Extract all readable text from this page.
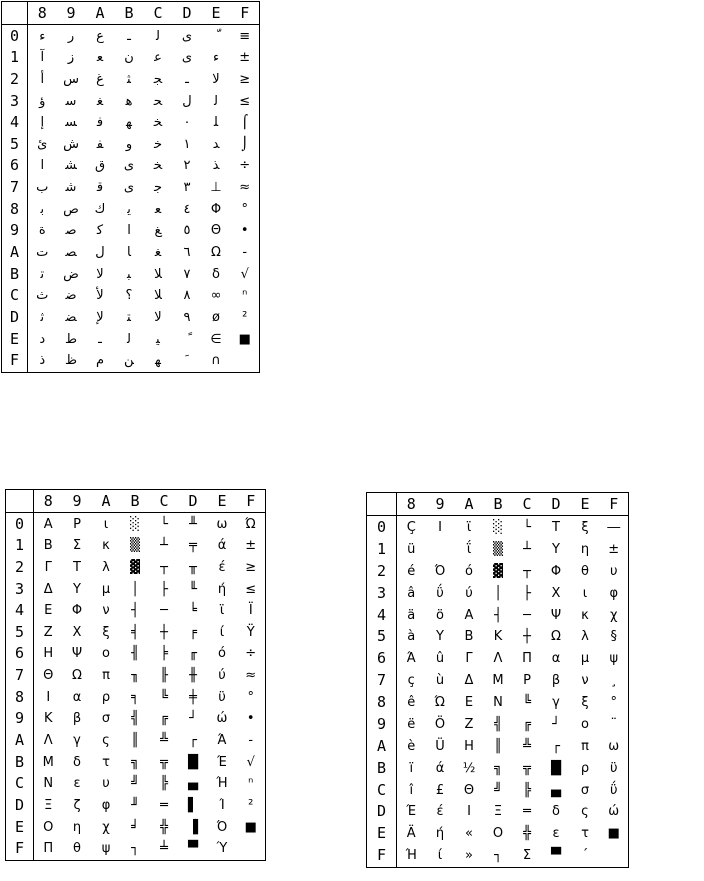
	8	9	A	B	C	D	E	F
0	ء	ر	ع	ـ	ﻟ	ى		≡
1	آ	ز	ﻌ	ن	ﻋ	ى	ﺀ	±
2	أ	س	غ	ﺜ	ﺠ	ـ	ﻻ	≥
3	ؤ	ﺳ	ﻐ	ﻫ	ﺤ	ﻝ	ﻟ	≤
4	إ	ﺴ	ﻓ	ﻬ	ﺨ	٠	ﻠ	⌠
5	ئ	ش	ﻔ	و	ﺧ	١	ﺪ	⌡
6	ا	ﺸ	ق	ى	ﺨ	٢	ﺬ	÷
7	ب	ﺷ	ﻗ	ﻯ	ﺟ	٣	⊥	≈
8	ﺑ	ص	ك	ﻳ	ﻌ	٤	Φ	°
9	ة	ﺻ	ﻛ	ا	ﻎ	٥	Θ	•
A	ت	ﺼ	ل	ﺎ	ﻐ	٦	Ω	-
B	ﺗ	ض	ﻻ	ﺒ	ﻼ	٧	δ	√
C	ث	ﺿ	ﻷ	؟	ﻼ	٨	∞	ⁿ
D	ﺛ	ﻀ	ﻹ	ﺘ	ﻻ	٩	ø	²
E	د	ط	ـ	ﻟ	ﻴ		∈	■
F	ذ	ظ	م	ﻦ	ﻬ	ﹶ	∩	
	8	9	A	B	C	D	E	F
0	A	P	ι	░	└	╨	ω	Ώ
1	B	Σ	κ	▒	┴	╤	ά	±
2	Γ	T	λ	▓	┬	╥	έ	≥
3	Δ	Y	μ	│	├	╙	ή	≤
4	E	Φ	ν	┤	─	╘	ϊ	Ϊ
5	Z	X	ξ	╡	┼	╒	ί	Ϋ
6	H	Ψ	ο	╢	╞	╓	ό	÷
7	Θ	Ω	π	╖	╟	╫	ύ	≈
8	I	α	ρ	╕	╚	╪	ϋ	°
9	K	β	σ	╣	╔	┘	ώ	•
A	Λ	γ	ς	║	╩	┌	Ά	-
B	M	δ	τ	╗	╦	█	Έ	√
C	N	ε	υ	╝	╠	▄	Ή	ⁿ
D	Ξ	ζ	φ	╜	═	▌	Ί	²
E	O	η	χ	╛	╬	▐	Ό	■
F	Π	θ	ψ	┐	╧	▀	Ύ	
	8	9	A	B	C	D	E	F
0	Ç	Ι	ϊ	░	└	Τ	ξ	―
1	ü		ΐ	▒	┴	Υ	η	±
2	é	Ό	ό	▓	┬	Φ	θ	υ
3	â	ΰ	ύ	│	├	Χ	ι	φ
4	ä	ö	Α	┤	─	Ψ	κ	χ
5	à	Υ	Β	Κ	┼	Ω	λ	§
6	Ά	û	Γ	Λ	Π	α	μ	ψ
7	ç	ù	Δ	Μ	Ρ	β	ν	¸
8	ê	Ώ	Ε	Ν	╚	γ	ξ	°
9	ë	Ö	Ζ	╣	╔	┘	ο	¨
A	è	Ü	Η	║	╩	┌	π	ω
B	ï	ά	½	╗	╦	█	ρ	ϋ
C	î	£	Θ	╝	╠	▄	σ	ΰ
D	Έ	έ	Ι	Ξ	═	δ	ς	ώ
E	Ä	ή	«	Ο	╬	ε	τ	■
F	Ή	ί	»	┐	Σ	▀	΄	
